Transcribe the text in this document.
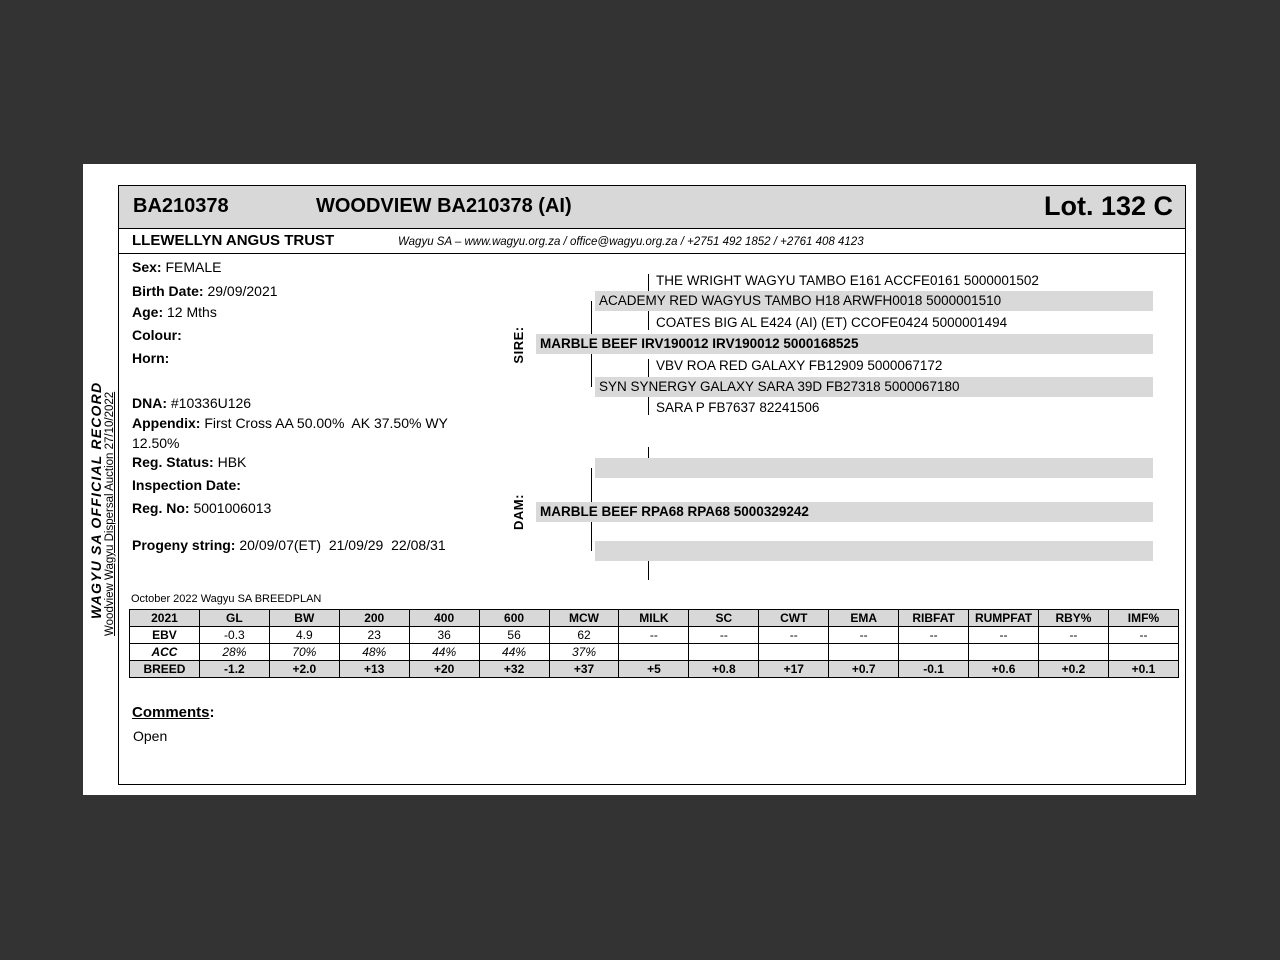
WAGYU SA OFFICIAL RECORD Woodview Wagyu Dispersal Auction 27/10/2022
BA210378	WOODVIEW BA210378 (AI)	Lot. 132 C
LLEWELLYN ANGUS TRUST	Wagyu SA – www.wagyu.org.za / office@wagyu.org.za / +2751 492 1852 / +2761 408 4123
Sex: FEMALE
Birth Date: 29/09/2021
Age: 12 Mths
Colour:
Horn:
DNA: #10336U126
Appendix: First Cross AA 50.00%  AK 37.50% WY 12.50%
Reg. Status: HBK
Inspection Date:
Reg. No: 5001006013
Progeny string: 20/09/07(ET)  21/09/29  22/08/31
SIRE:
THE WRIGHT WAGYU TAMBO E161 ACCFE0161 5000001502
ACADEMY RED WAGYUS TAMBO H18 ARWFH0018 5000001510
COATES BIG AL E424 (AI) (ET) CCOFE0424 5000001494
MARBLE BEEF IRV190012 IRV190012 5000168525
VBV ROA RED GALAXY FB12909 5000067172
SYN SYNERGY GALAXY SARA 39D FB27318 5000067180
SARA P FB7637 82241506
DAM: MARBLE BEEF RPA68 RPA68 5000329242
October 2022 Wagyu SA BREEDPLAN
2021	GL	BW	200	400	600	MCW	MILK	SC	CWT	EMA	RIBFAT	RUMPFAT	RBY%	IMF%
EBV	-0.3	4.9	23	36	56	62	--	--	--	--	--	--	--	--
ACC	28%	70%	48%	44%	44%	37%								
BREED	-1.2	+2.0	+13	+20	+32	+37	+5	+0.8	+17	+0.7	-0.1	+0.6	+0.2	+0.1
Comments:
Open
